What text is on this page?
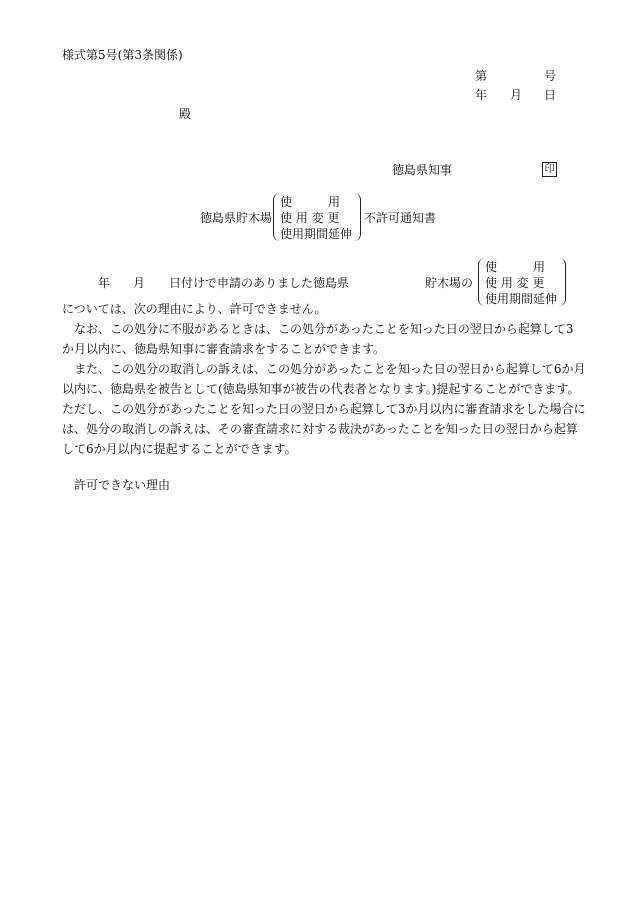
様式第5号(第3条関係)
第	号
年 月 日
殿
徳島県知事	印
徳島県貯木場
使　　　用
使 用 変 更
使用期間延伸
不許可通知書
年 月 日付けで申請のありました徳島県	貯木場の
使　　　用
使 用 変 更
使用期間延伸
については、次の理由により、許可できません。
なお、この処分に不服があるときは、この処分があったことを知った日の翌日から起算して3
か月以内に、徳島県知事に審査請求をすることができます。
また、この処分の取消しの訴えは、この処分があったことを知った日の翌日から起算して6か月
以内に、徳島県を被告として(徳島県知事が被告の代表者となります。)提起することができます。
ただし、この処分があったことを知った日の翌日から起算して3か月以内に審査請求をした場合に
は、処分の取消しの訴えは、その審査請求に対する裁決があったことを知った日の翌日から起算
して6か月以内に提起することができます。
許可できない理由
